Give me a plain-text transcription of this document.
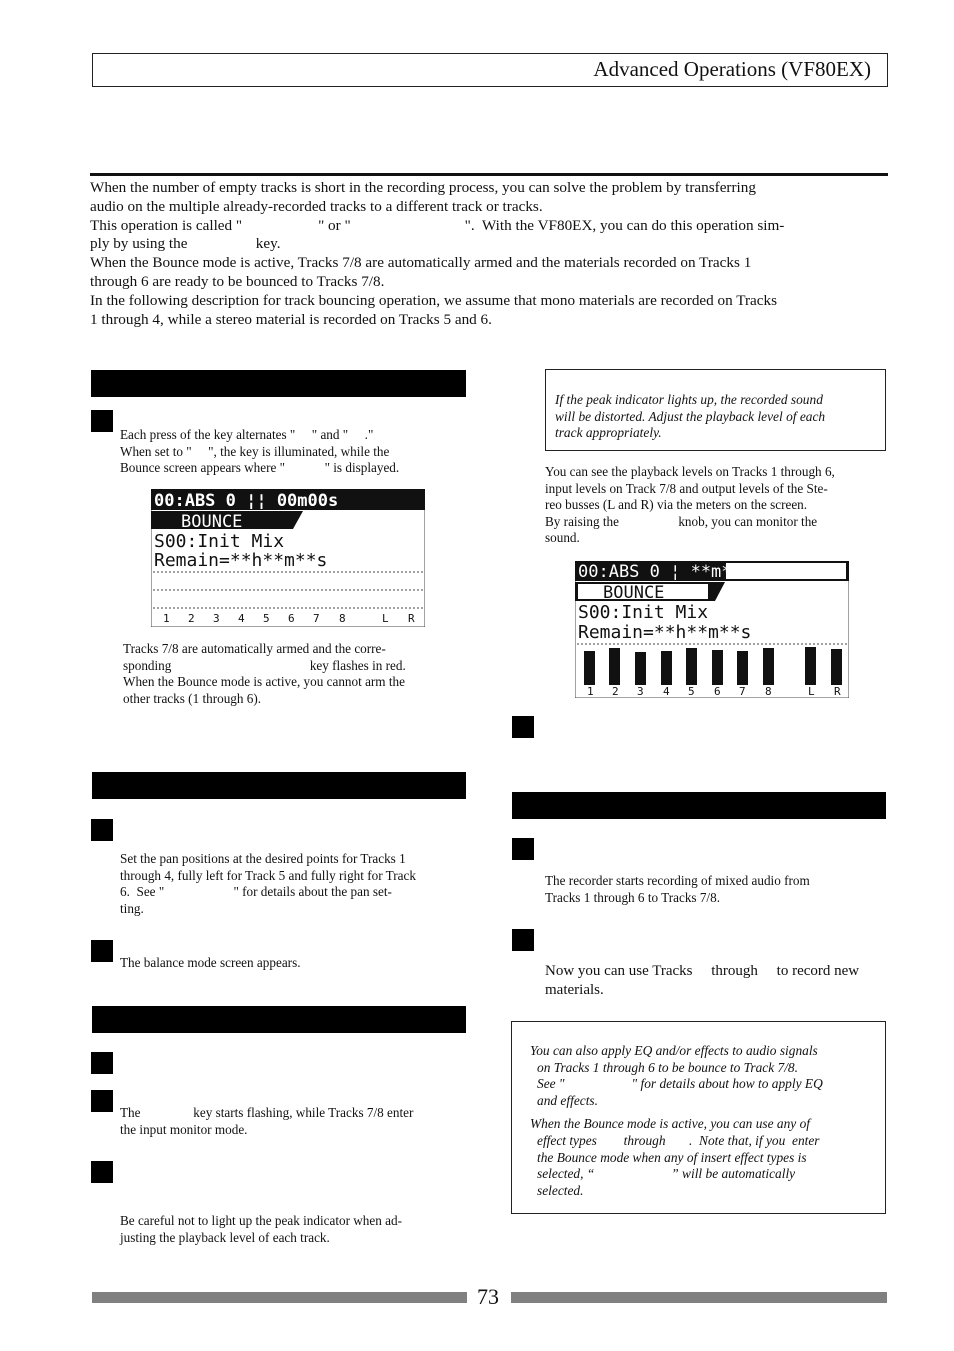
Advanced Operations (VF80EX)

When the number of empty tracks is short in the recording process, you can solve the problem by transferring

audio on the multiple already-recorded tracks to a different track or tracks.

This operation is called "                    " or "                              ".  With the VF80EX, you can do this operation sim-

ply by using the                  key.

When the Bounce mode is active, Tracks 7/8 are automatically armed and the materials recorded on Tracks 1

through 6 are ready to be bounced to Tracks 7/8.

In the following description for track bouncing operation, we assume that mono materials are recorded on Tracks

1 through 4, while a stereo material is recorded on Tracks 5 and 6.

Each press of the key alternates "     " and "     ."
When set to "     ", the key is illuminated, while the
Bounce screen appears where "            " is displayed.
00:ABS 0 ¦¦ 00m00s
BOUNCE
S00:Init Mix
Remain=**h**m**s
1 2 3 4 5 6 7 8	L R
Tracks 7/8 are automatically armed and the corre-
sponding                                          key flashes in red.
When the Bounce mode is active, you cannot arm the
other tracks (1 through 6).
Set the pan positions at the desired points for Tracks 1
through 4, fully left for Track 5 and fully right for Track
6.  See "                     " for details about the pan set-
ting.
The balance mode screen appears.
The                key starts flashing, while Tracks 7/8 enter
the input monitor mode.
Be careful not to light up the peak indicator when ad-
justing the playback level of each track.

If the peak indicator lights up, the recorded sound

will be distorted. Adjust the playback level of each

track appropriately.

You can see the playback levels on Tracks 1 through 6,
input levels on Track 7/8 and output levels of the Ste-
reo busses (L and R) via the meters on the screen.
By raising the                  knob, you can monitor the
sound.
00:ABS 0 ¦ **m**s
BOUNCE
S00:Init Mix
Remain=**h**m**s
1 2 3 4 5 6 7 8	L R
The recorder starts recording of mixed audio from
Tracks 1 through 6 to Tracks 7/8.
Now you can use Tracks     through     to record new
materials.

You can also apply EQ and/or effects to audio signals

on Tracks 1 through 6 to be bounce to Track 7/8.

See "                    " for details about how to apply EQ

and effects.

When the Bounce mode is active, you can use any of

effect types        through       .  Note that, if you  enter

the Bounce mode when any of insert effect types is

selected, “                       ” will be automatically

selected.

73
